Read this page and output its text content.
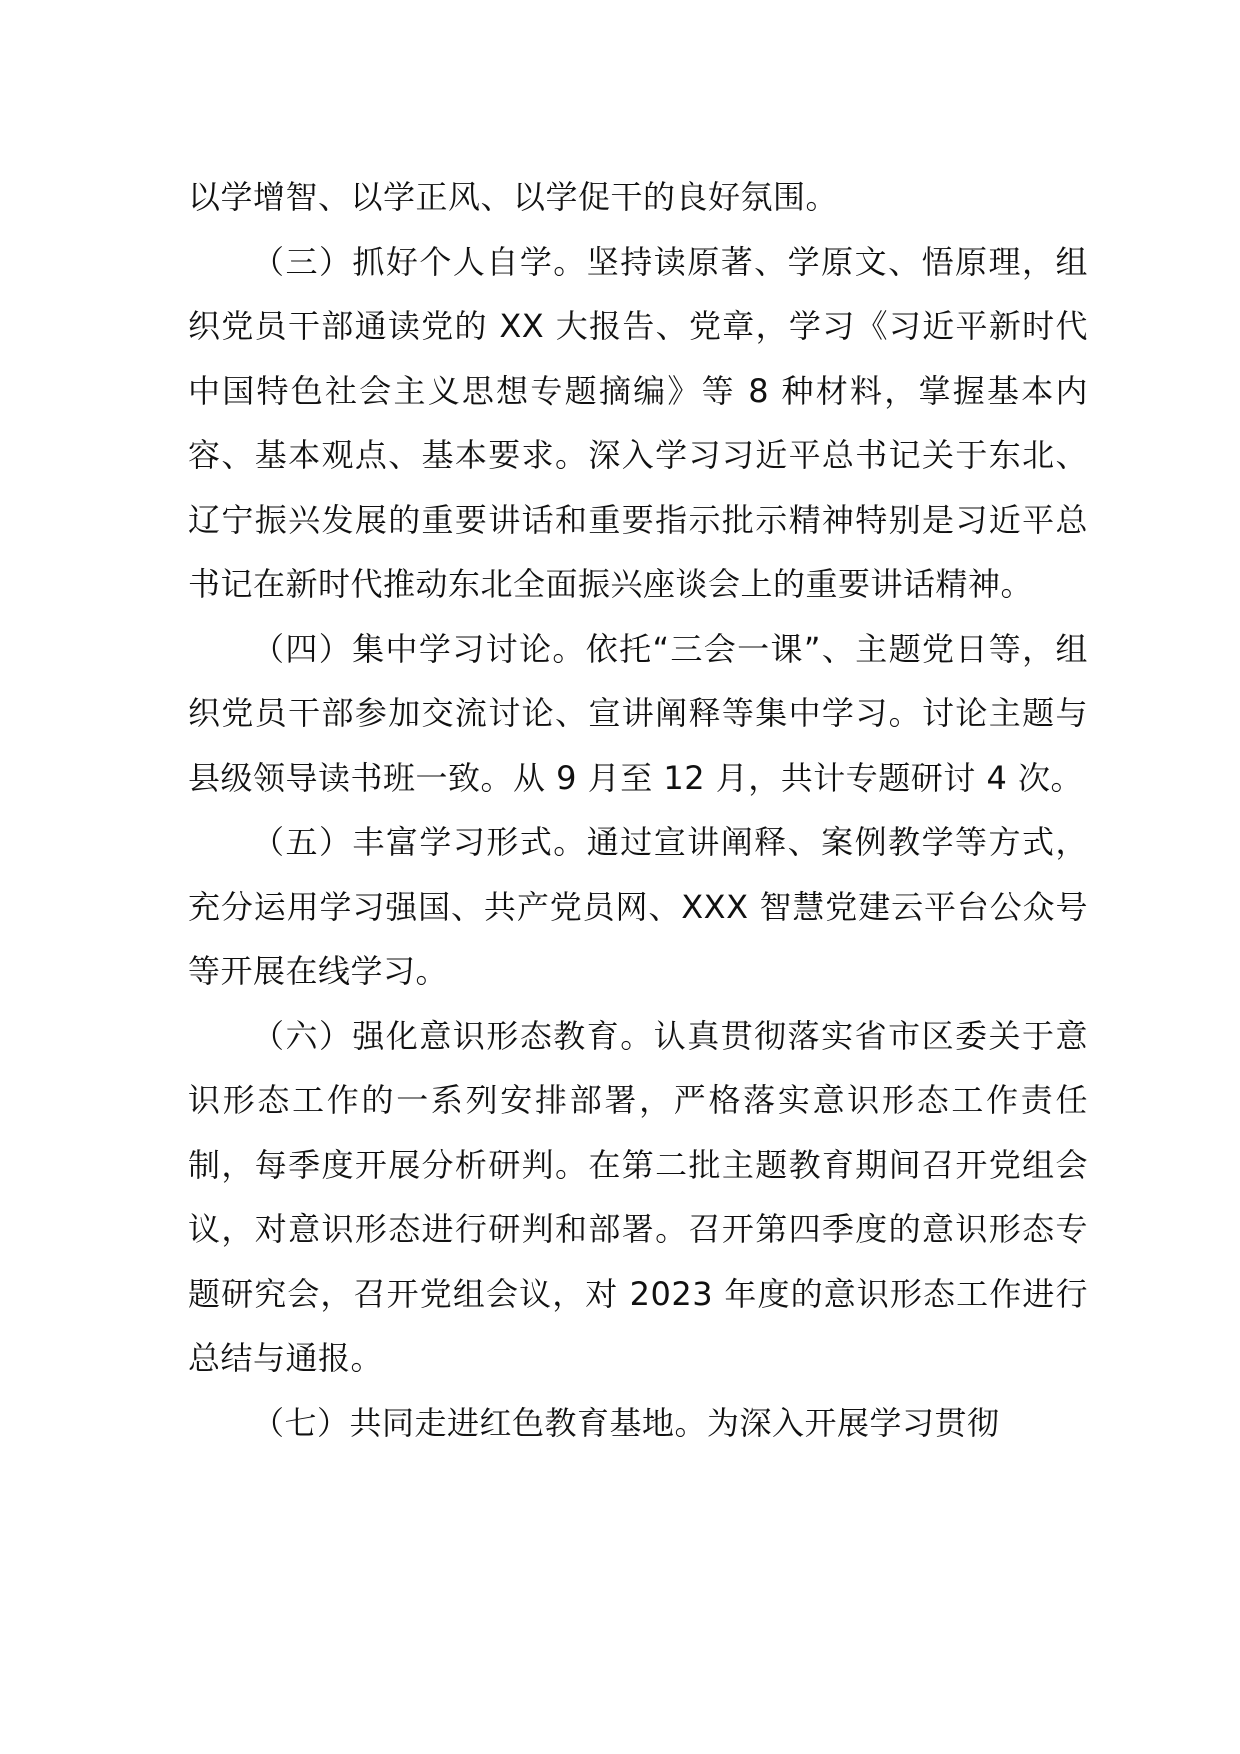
以学增智、以学正风、以学促干的良好氛围。

（三）抓好个人自学。坚持读原著、学原文、悟原理，组织党员干部通读党的 XX 大报告、党章，学习《习近平新时代中国特色社会主义思想专题摘编》等 8 种材料，掌握基本内容、基本观点、基本要求。深入学习习近平总书记关于东北、辽宁振兴发展的重要讲话和重要指示批示精神特别是习近平总书记在新时代推动东北全面振兴座谈会上的重要讲话精神。

（四）集中学习讨论。依托“三会一课”、主题党日等，组织党员干部参加交流讨论、宣讲阐释等集中学习。讨论主题与县级领导读书班一致。从 9 月至 12 月，共计专题研讨 4 次。

（五）丰富学习形式。通过宣讲阐释、案例教学等方式，充分运用学习强国、共产党员网、XXX 智慧党建云平台公众号等开展在线学习。

（六）强化意识形态教育。认真贯彻落实省市区委关于意识形态工作的一系列安排部署，严格落实意识形态工作责任制，每季度开展分析研判。在第二批主题教育期间召开党组会议，对意识形态进行研判和部署。召开第四季度的意识形态专题研究会，召开党组会议，对 2023 年度的意识形态工作进行总结与通报。

（七）共同走进红色教育基地。为深入开展学习贯彻
